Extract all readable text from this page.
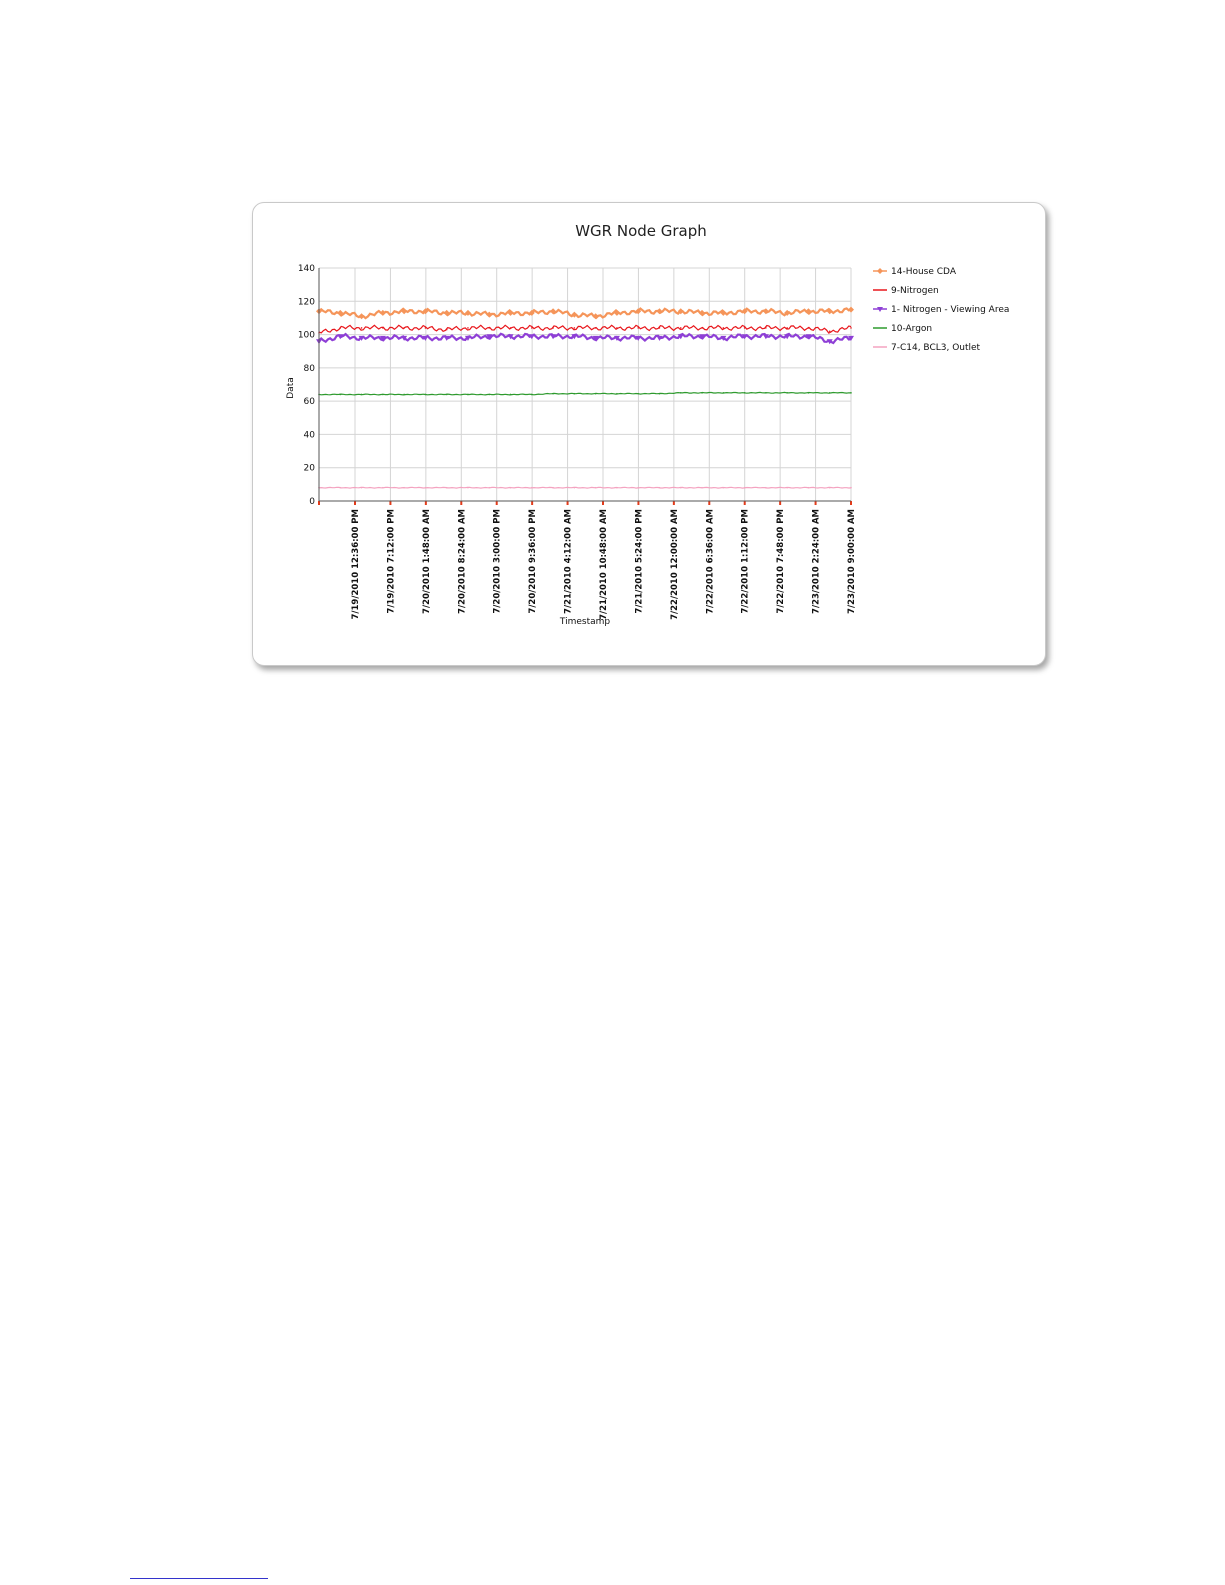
WGR Node Graph
0
20
40
60
80
100
120
140
7/19/2010 12:36:00 PM	7/19/2010 7:12:00 PM	7/20/2010 1:48:00 AM	7/20/2010 8:24:00 AM	7/20/2010 3:00:00 PM	7/20/2010 9:36:00 PM	7/21/2010 4:12:00 AM	7/21/2010 10:48:00 AM	7/21/2010 5:24:00 PM	7/22/2010 12:00:00 AM	7/22/2010 6:36:00 AM	7/22/2010 1:12:00 PM	7/22/2010 7:48:00 PM	7/23/2010 2:24:00 AM	7/23/2010 9:00:00 AM
Data
Timestamp
14-House CDA
9-Nitrogen
1- Nitrogen - Viewing Area
10-Argon
7-C14, BCL3, Outlet
